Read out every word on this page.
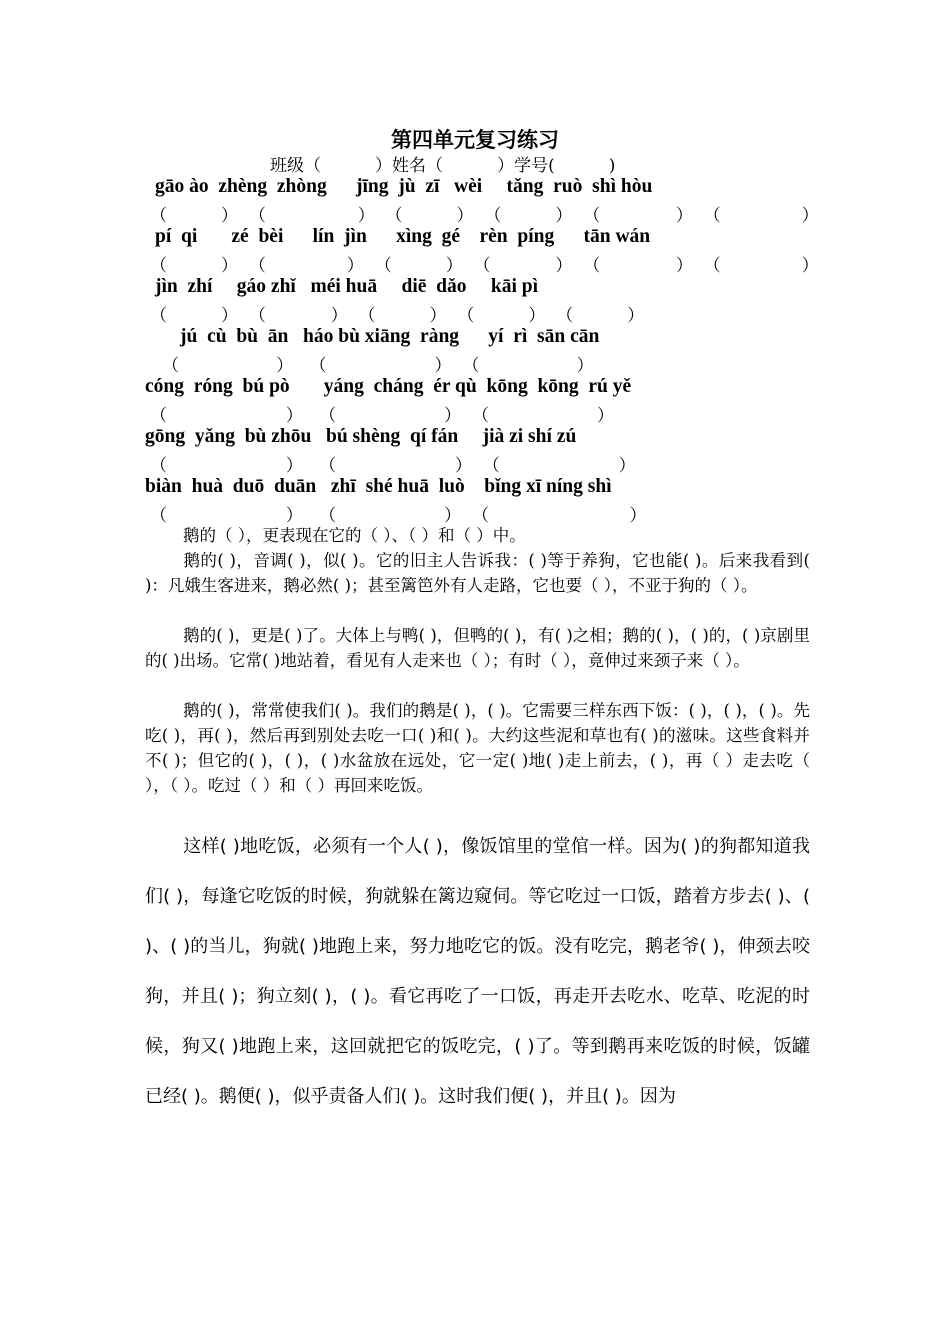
第四单元复习练习
班级（          ）姓名（          ）学号(          )
gāo ào  zhèng  zhòng      jīng  jù  zī   wèi     tǎng  ruò  shì hòu
（          ）  （                 ）  （          ）  （          ）  （              ）  （               ）
pí  qi       zé  bèi      lín  jìn      xìng  gé    rèn  píng      tān wán
（          ）  （               ）  （          ）  （            ）  （              ）  （               ）
jìn  zhí     gáo zhǐ   méi huā     diē  dǎo     kāi pì
（          ）  （            ）  （          ）  （          ）  （          ）
jú  cù  bù  ān   háo bù xiāng  ràng      yí  rì  sān cān
（                  ）   （                    ）  （                  ）
cóng  róng  bú pò       yáng  cháng  ér qù  kōng  kōng  rú yě
（                      ）   （                    ）  （                    ）
gōng  yǎng  bù zhōu   bú shèng  qí fán     jià zi shí zú
（                      ）   （                      ）  （                      ）
biàn  huà  duō  duān   zhī  shé huā  luò    bǐng xī níng shì
（                      ）   （                    ）  （                          ）
鹅的（ ），更表现在它的（ ）、（ ）和（ ）中。
鹅的( )，音调( )，似( )。它的旧主人告诉我：( )等于养狗，它也能( )。后来我看到( )：凡娥生客进来，鹅必然( )；甚至篱笆外有人走路，它也要（ ），不亚于狗的（ ）。
鹅的( )，更是( )了。大体上与鸭( )，但鸭的( )，有( )之相；鹅的( )，( )的，( )京剧里的( )出场。它常( )地站着，看见有人走来也（ ）；有时（ ），竟伸过来颈子来（ ）。
鹅的( )，常常使我们( )。我们的鹅是( )，( )。它需要三样东西下饭：( )，( )，( )。先吃( )，再( )，然后再到别处去吃一口( )和( )。大约这些泥和草也有( )的滋味。这些食料并不( )；但它的( )，( )，( )水盆放在远处，它一定( )地( )走上前去，( )，再（ ）走去吃（ ），（ ）。吃过（ ）和（ ）再回来吃饭。
这样( )地吃饭，必须有一个人( )，像饭馆里的堂倌一样。因为( )的狗都知道我们( )，每逢它吃饭的时候，狗就躲在篱边窥伺。等它吃过一口饭，踏着方步去( )、( )、( )的当儿，狗就( )地跑上来，努力地吃它的饭。没有吃完，鹅老爷( )，伸颈去咬狗，并且( )；狗立刻( )，( )。看它再吃了一口饭，再走开去吃水、吃草、吃泥的时候，狗又( )地跑上来，这回就把它的饭吃完，( )了。等到鹅再来吃饭的时候，饭罐已经( )。鹅便( )，似乎责备人们( )。这时我们便( )，并且( )。因为
